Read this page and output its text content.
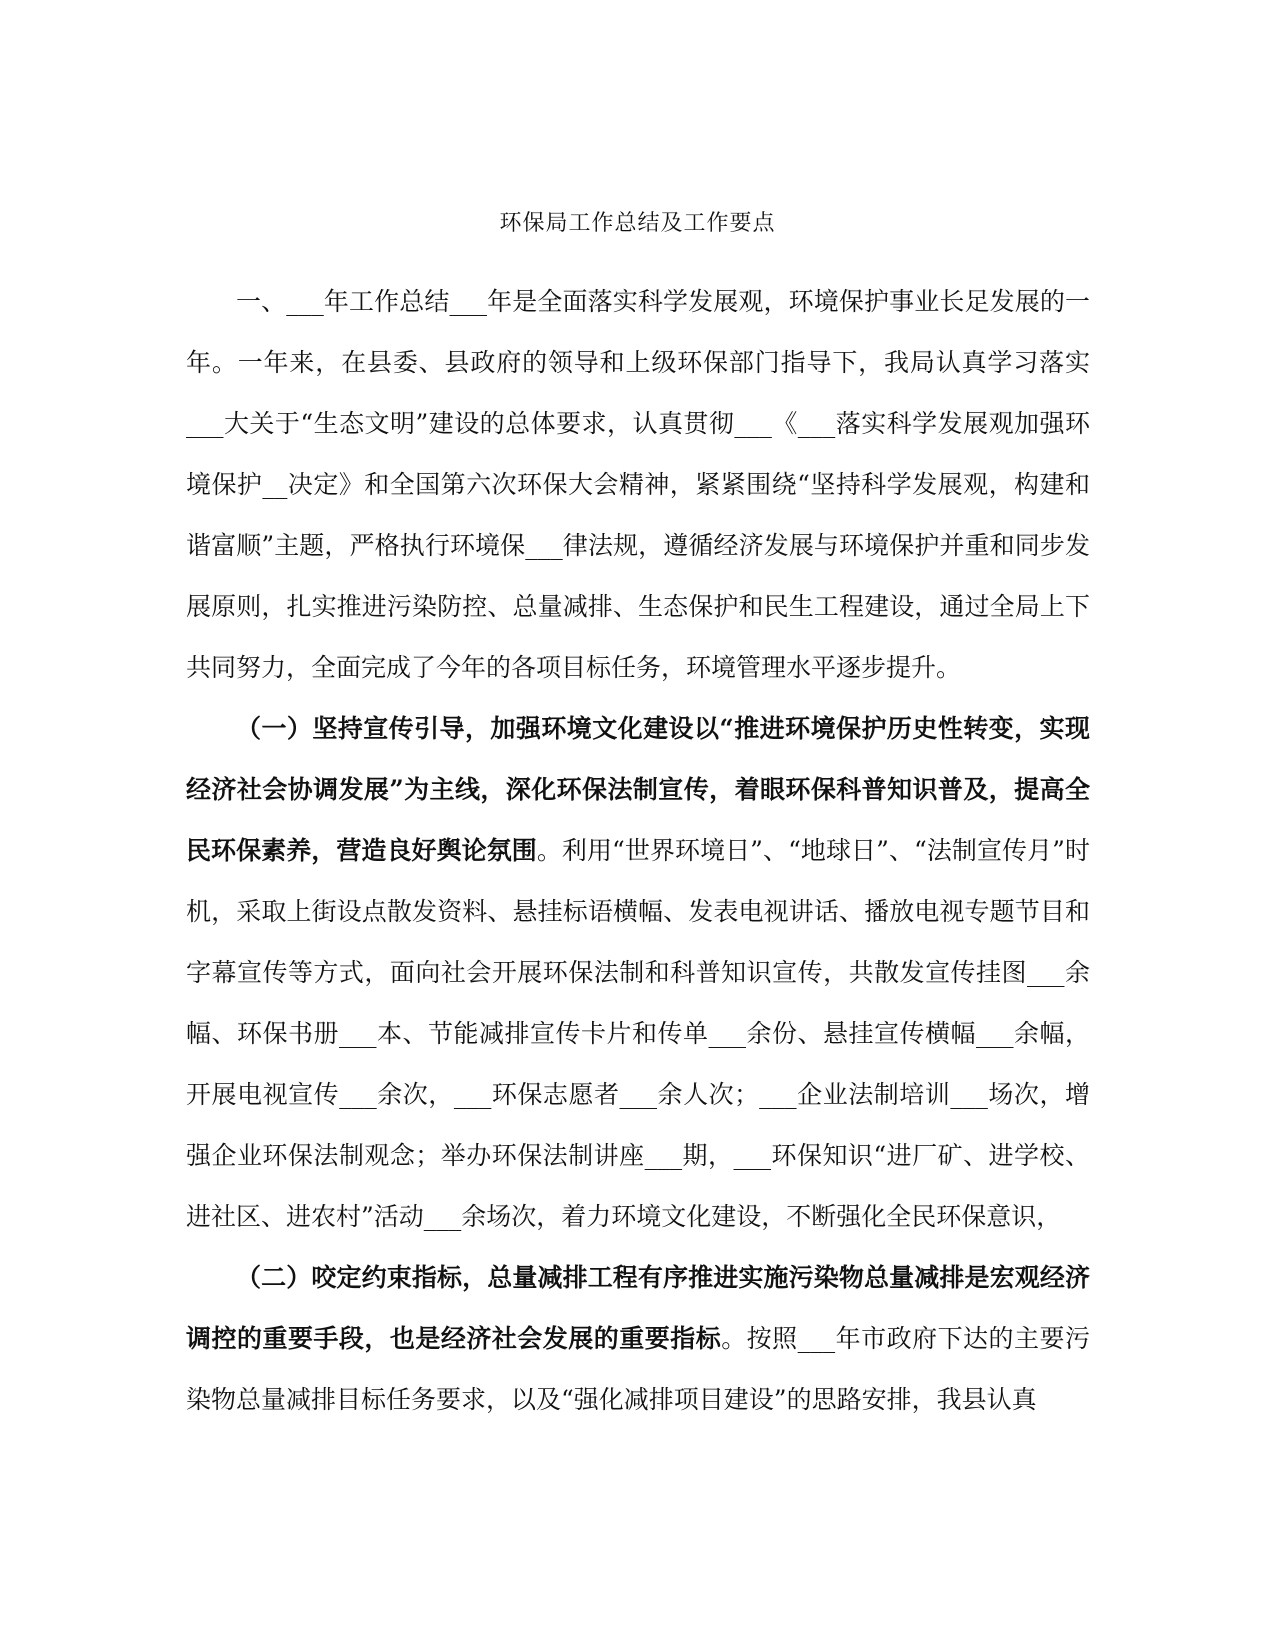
环保局工作总结及工作要点

一、___年工作总结___年是全面落实科学发展观，环境保护事业长足发展的一年。一年来，在县委、县政府的领导和上级环保部门指导下，我局认真学习落实___大关于“生态文明”建设的总体要求，认真贯彻___《___落实科学发展观加强环境保护__决定》和全国第六次环保大会精神，紧紧围绕“坚持科学发展观，构建和谐富顺”主题，严格执行环境保___律法规，遵循经济发展与环境保护并重和同步发展原则，扎实推进污染防控、总量减排、生态保护和民生工程建设，通过全局上下共同努力，全面完成了今年的各项目标任务，环境管理水平逐步提升。

（一）坚持宣传引导，加强环境文化建设以“推进环境保护历史性转变，实现经济社会协调发展”为主线，深化环保法制宣传，着眼环保科普知识普及，提高全民环保素养，营造良好舆论氛围。利用“世界环境日”、“地球日”、“法制宣传月”时机，采取上街设点散发资料、悬挂标语横幅、发表电视讲话、播放电视专题节目和字幕宣传等方式，面向社会开展环保法制和科普知识宣传，共散发宣传挂图___余幅、环保书册___本、节能减排宣传卡片和传单___余份、悬挂宣传横幅___余幅，开展电视宣传___余次，___环保志愿者___余人次；___企业法制培训___场次，增强企业环保法制观念；举办环保法制讲座___期，___环保知识“进厂矿、进学校、进社区、进农村”活动___余场次，着力环境文化建设，不断强化全民环保意识，

（二）咬定约束指标，总量减排工程有序推进实施污染物总量减排是宏观经济调控的重要手段，也是经济社会发展的重要指标。按照___年市政府下达的主要污染物总量减排目标任务要求，以及“强化减排项目建设”的思路安排，我县认真
